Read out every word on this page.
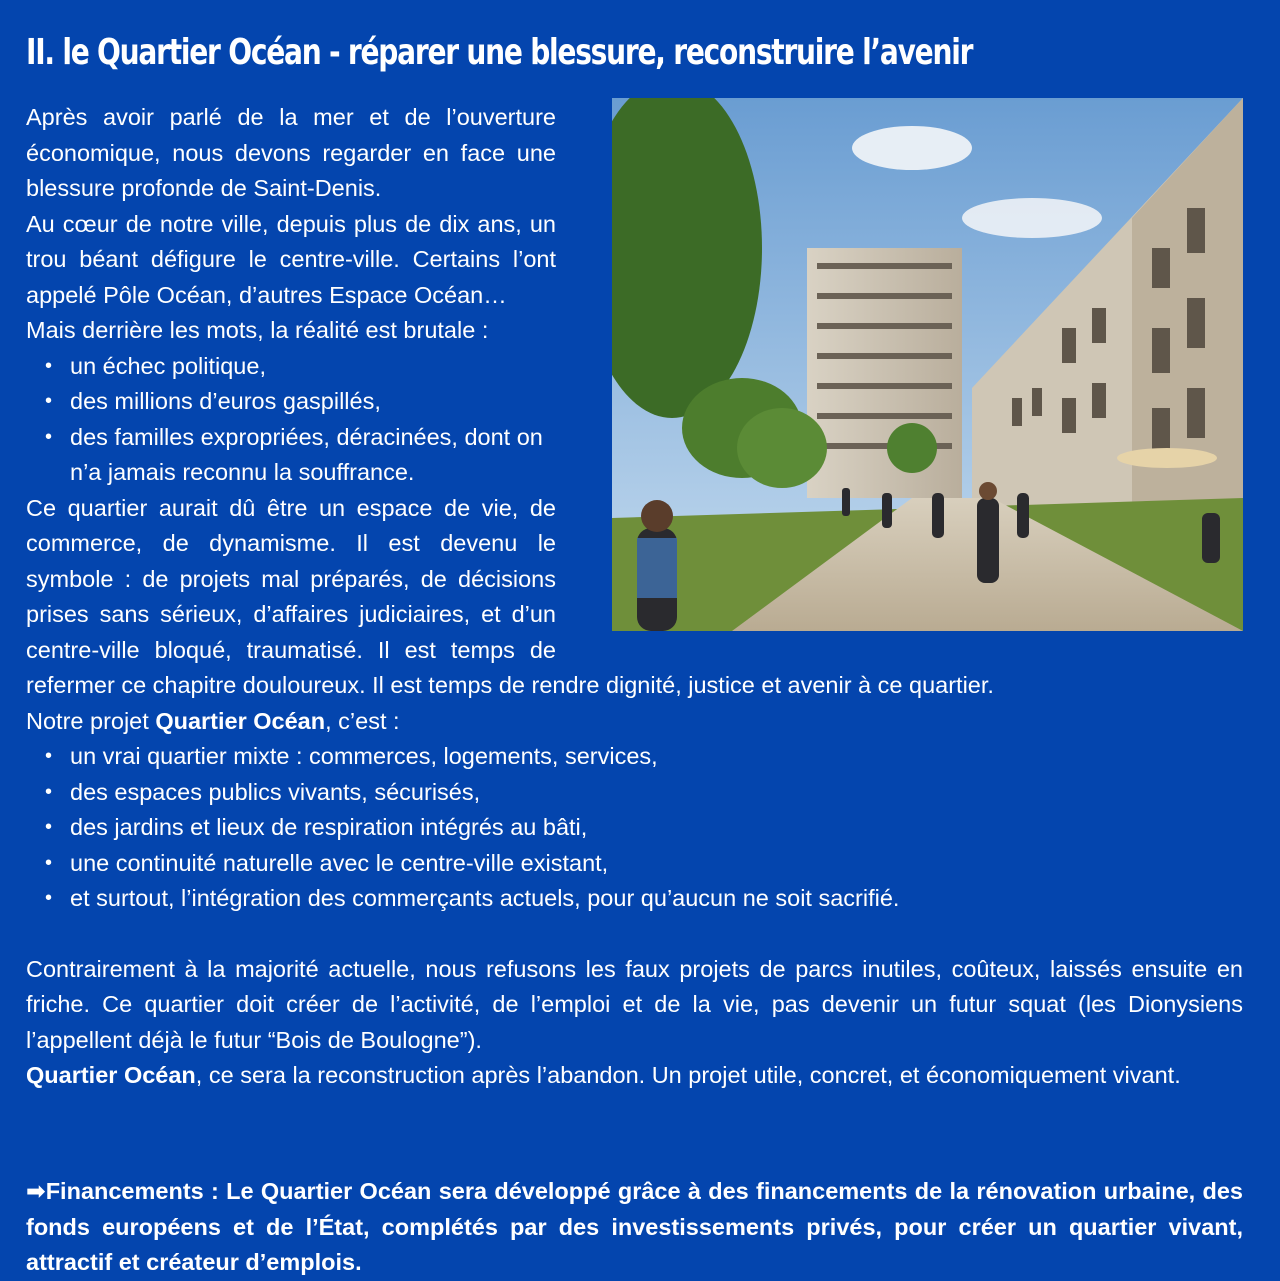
II. le Quartier Océan - réparer une blessure, reconstruire l’avenir

Après avoir parlé de la mer et de l’ouverture économique, nous devons regarder en face une blessure profonde de Saint-Denis.

Au cœur de notre ville, depuis plus de dix ans, un trou béant défigure le centre-ville. Certains l’ont appelé Pôle Océan, d’autres Espace Océan…

Mais derrière les mots, la réalité est brutale :

• un échec politique,
• des millions d’euros gaspillés,
• des familles expropriées, déracinées, dont on n’a jamais reconnu la souffrance.

Ce quartier aurait dû être un espace de vie, de commerce, de dynamisme. Il est devenu le symbole : de projets mal préparés, de décisions prises sans sérieux, d’affaires judiciaires, et d’un centre-ville bloqué, traumatisé. Il est temps de refermer ce chapitre douloureux. Il est temps de rendre dignité, justice et avenir à ce quartier.

Notre projet Quartier Océan, c’est :

• un vrai quartier mixte : commerces, logements, services,
• des espaces publics vivants, sécurisés,
• des jardins et lieux de respiration intégrés au bâti,
• une continuité naturelle avec le centre-ville existant,
• et surtout, l’intégration des commerçants actuels, pour qu’aucun ne soit sacrifié.

Contrairement à la majorité actuelle, nous refusons les faux projets de parcs inutiles, coûteux, laissés ensuite en friche. Ce quartier doit créer de l’activité, de l’emploi et de la vie, pas devenir un futur squat (les Dionysiens l’appellent déjà le futur “Bois de Boulogne”).

Quartier Océan, ce sera la reconstruction après l’abandon. Un projet utile, concret, et économiquement vivant.

➡Financements : Le Quartier Océan sera développé grâce à des financements de la rénovation urbaine, des fonds européens et de l’État, complétés par des investissements privés, pour créer un quartier vivant, attractif et créateur d’emplois.
